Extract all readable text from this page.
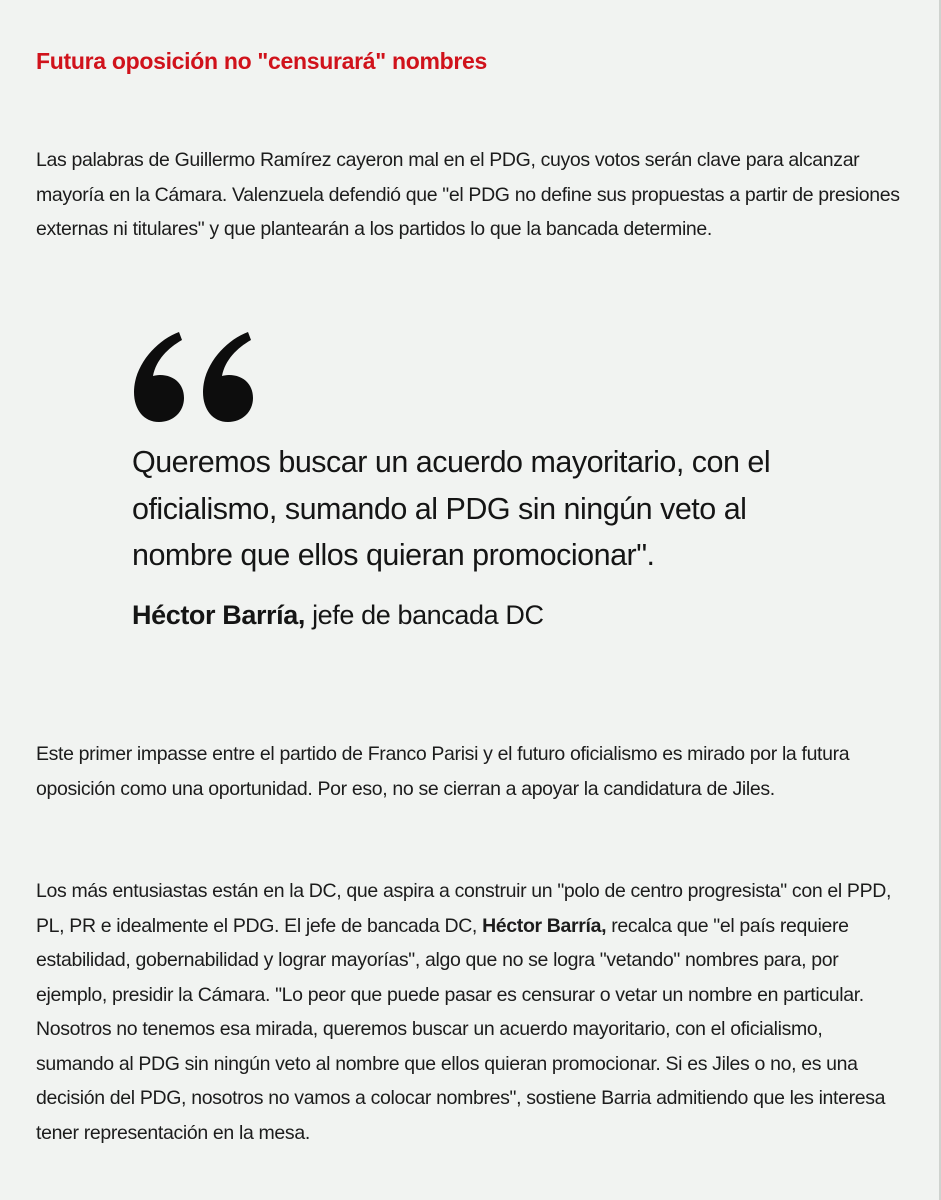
Futura oposición no "censurará" nombres

Las palabras de Guillermo Ramírez cayeron mal en el PDG, cuyos votos serán clave para alcanzar mayoría en la Cámara. Valenzuela defendió que "el PDG no define sus propuestas a partir de presiones externas ni titulares" y que plantearán a los partidos lo que la bancada determine.

Queremos buscar un acuerdo mayoritario, con el oficialismo, sumando al PDG sin ningún veto al nombre que ellos quieran promocionar".

Héctor Barría, jefe de bancada DC

Este primer impasse entre el partido de Franco Parisi y el futuro oficialismo es mirado por la futura oposición como una oportunidad. Por eso, no se cierran a apoyar la candidatura de Jiles.

Los más entusiastas están en la DC, que aspira a construir un "polo de centro progresista" con el PPD, PL, PR e idealmente el PDG. El jefe de bancada DC, Héctor Barría, recalca que "el país requiere estabilidad, gobernabilidad y lograr mayorías", algo que no se logra "vetando" nombres para, por ejemplo, presidir la Cámara. "Lo peor que puede pasar es censurar o vetar un nombre en particular. Nosotros no tenemos esa mirada, queremos buscar un acuerdo mayoritario, con el oficialismo, sumando al PDG sin ningún veto al nombre que ellos quieran promocionar. Si es Jiles o no, es una decisión del PDG, nosotros no vamos a colocar nombres", sostiene Barria admitiendo que les interesa tener representación en la mesa.
